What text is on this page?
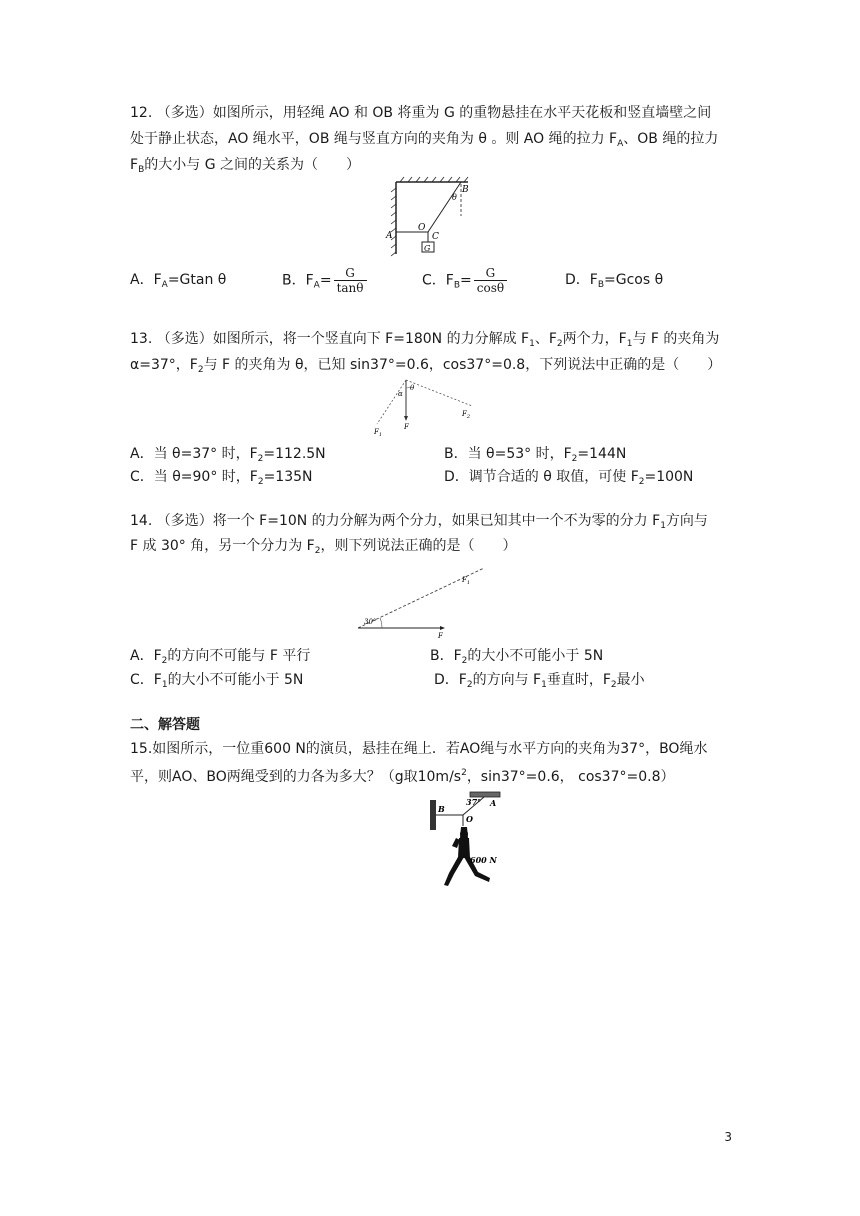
12. （多选）如图所示，用轻绳 AO 和 OB 将重为 G 的重物悬挂在水平天花板和竖直墙壁之间
处于静止状态，AO 绳水平，OB 绳与竖直方向的夹角为 θ 。则 AO 绳的拉力 $F_A$、OB 绳的拉力
$F_B$的大小与 G 之间的关系为（　　）
B
θ
O
C
A
G
A．$F_A=Gtan$ θ	B．$F_A= \frac{G}{\tan\theta}$	C．$F_B= \frac{G}{\cos\theta}$	D．$F_B=Gcos$ θ
13. （多选）如图所示，将一个竖直向下 F=180N 的力分解成 $F_1$、$F_2$两个力，$F_1$与 F 的夹角为
α=37°，$F_2$与 F 的夹角为 θ，已知 sin37°=0.6，cos37°=0.8，下列说法中正确的是（　　）
θ
α
F
$F_1$
$F_2$
A．当 θ=37° 时，$F_2=112.5N$	B．当 θ=53° 时，$F_2=144N$
C．当 θ=90° 时，$F_2=135N$	D．调节合适的 θ 取值，可使 $F_2=100N$
14. （多选）将一个 F=10N 的力分解为两个分力，如果已知其中一个不为零的分力 $F_1$方向与
F 成 30° 角，另一个分力为 $F_2$，则下列说法正确的是（　　）
30°
F
$F_1$
A．$F_2$的方向不可能与 F 平行	B．$F_2$的大小不可能小于 5N
C．$F_1$的大小不可能小于 5N	D．$F_2$的方向与 $F_1$垂直时，$F_2$最小
二、解答题
15.如图所示，一位重600 N的演员，悬挂在绳上．若AO绳与水平方向的夹角为37°，BO绳水
平，则AO、BO两绳受到的力各为多大？（g取$10m/s^2$，sin37°=0.6， cos37°=0.8）
37° A
B
O
600 N
3
